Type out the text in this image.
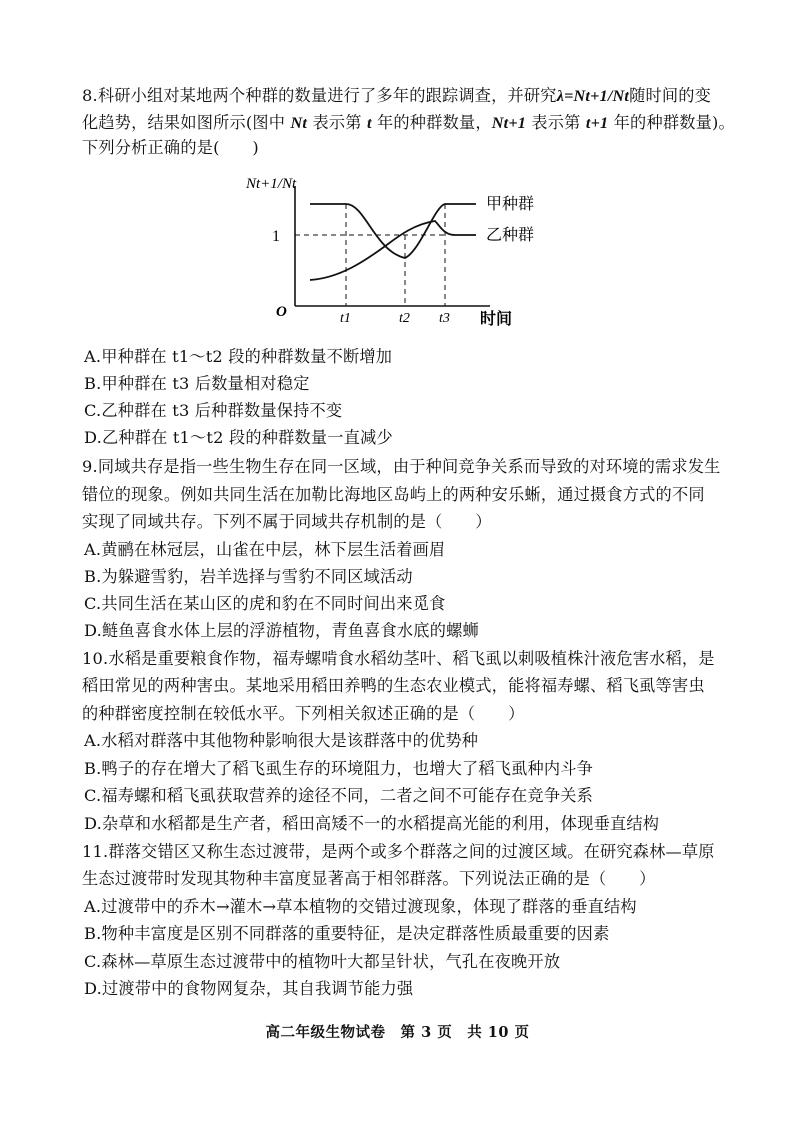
8.科研小组对某地两个种群的数量进行了多年的跟踪调查，并研究λ=Nt+1/Nt随时间的变
化趋势，结果如图所示(图中 Nt 表示第 t 年的种群数量，Nt+1 表示第 t+1 年的种群数量)。
下列分析正确的是(　　)
Nt+1/Nt
1
O	t1	t2 t3 时间
甲种群
乙种群
A.甲种群在 t1～t2 段的种群数量不断增加
B.甲种群在 t3 后数量相对稳定
C.乙种群在 t3 后种群数量保持不变
D.乙种群在 t1～t2 段的种群数量一直减少
9.同域共存是指一些生物生存在同一区域，由于种间竞争关系而导致的对环境的需求发生
错位的现象。例如共同生活在加勒比海地区岛屿上的两种安乐蜥，通过摄食方式的不同
实现了同域共存。下列不属于同域共存机制的是（　　）
A.黄鹂在林冠层，山雀在中层，林下层生活着画眉
B.为躲避雪豹，岩羊选择与雪豹不同区域活动
C.共同生活在某山区的虎和豹在不同时间出来觅食
D.鲢鱼喜食水体上层的浮游植物，青鱼喜食水底的螺蛳
10.水稻是重要粮食作物，福寿螺啃食水稻幼茎叶、稻飞虱以刺吸植株汁液危害水稻，是
稻田常见的两种害虫。某地采用稻田养鸭的生态农业模式，能将福寿螺、稻飞虱等害虫
的种群密度控制在较低水平。下列相关叙述正确的是（　　）
A.水稻对群落中其他物种影响很大是该群落中的优势种
B.鸭子的存在增大了稻飞虱生存的环境阻力，也增大了稻飞虱种内斗争
C.福寿螺和稻飞虱获取营养的途径不同，二者之间不可能存在竞争关系
D.杂草和水稻都是生产者，稻田高矮不一的水稻提高光能的利用，体现垂直结构
11.群落交错区又称生态过渡带，是两个或多个群落之间的过渡区域。在研究森林—草原
生态过渡带时发现其物种丰富度显著高于相邻群落。下列说法正确的是（　　）
A.过渡带中的乔木→灌木→草本植物的交错过渡现象，体现了群落的垂直结构
B.物种丰富度是区别不同群落的重要特征，是决定群落性质最重要的因素
C.森林—草原生态过渡带中的植物叶大都呈针状，气孔在夜晚开放
D.过渡带中的食物网复杂，其自我调节能力强
高二年级生物试卷　第 3 页　共 10 页
